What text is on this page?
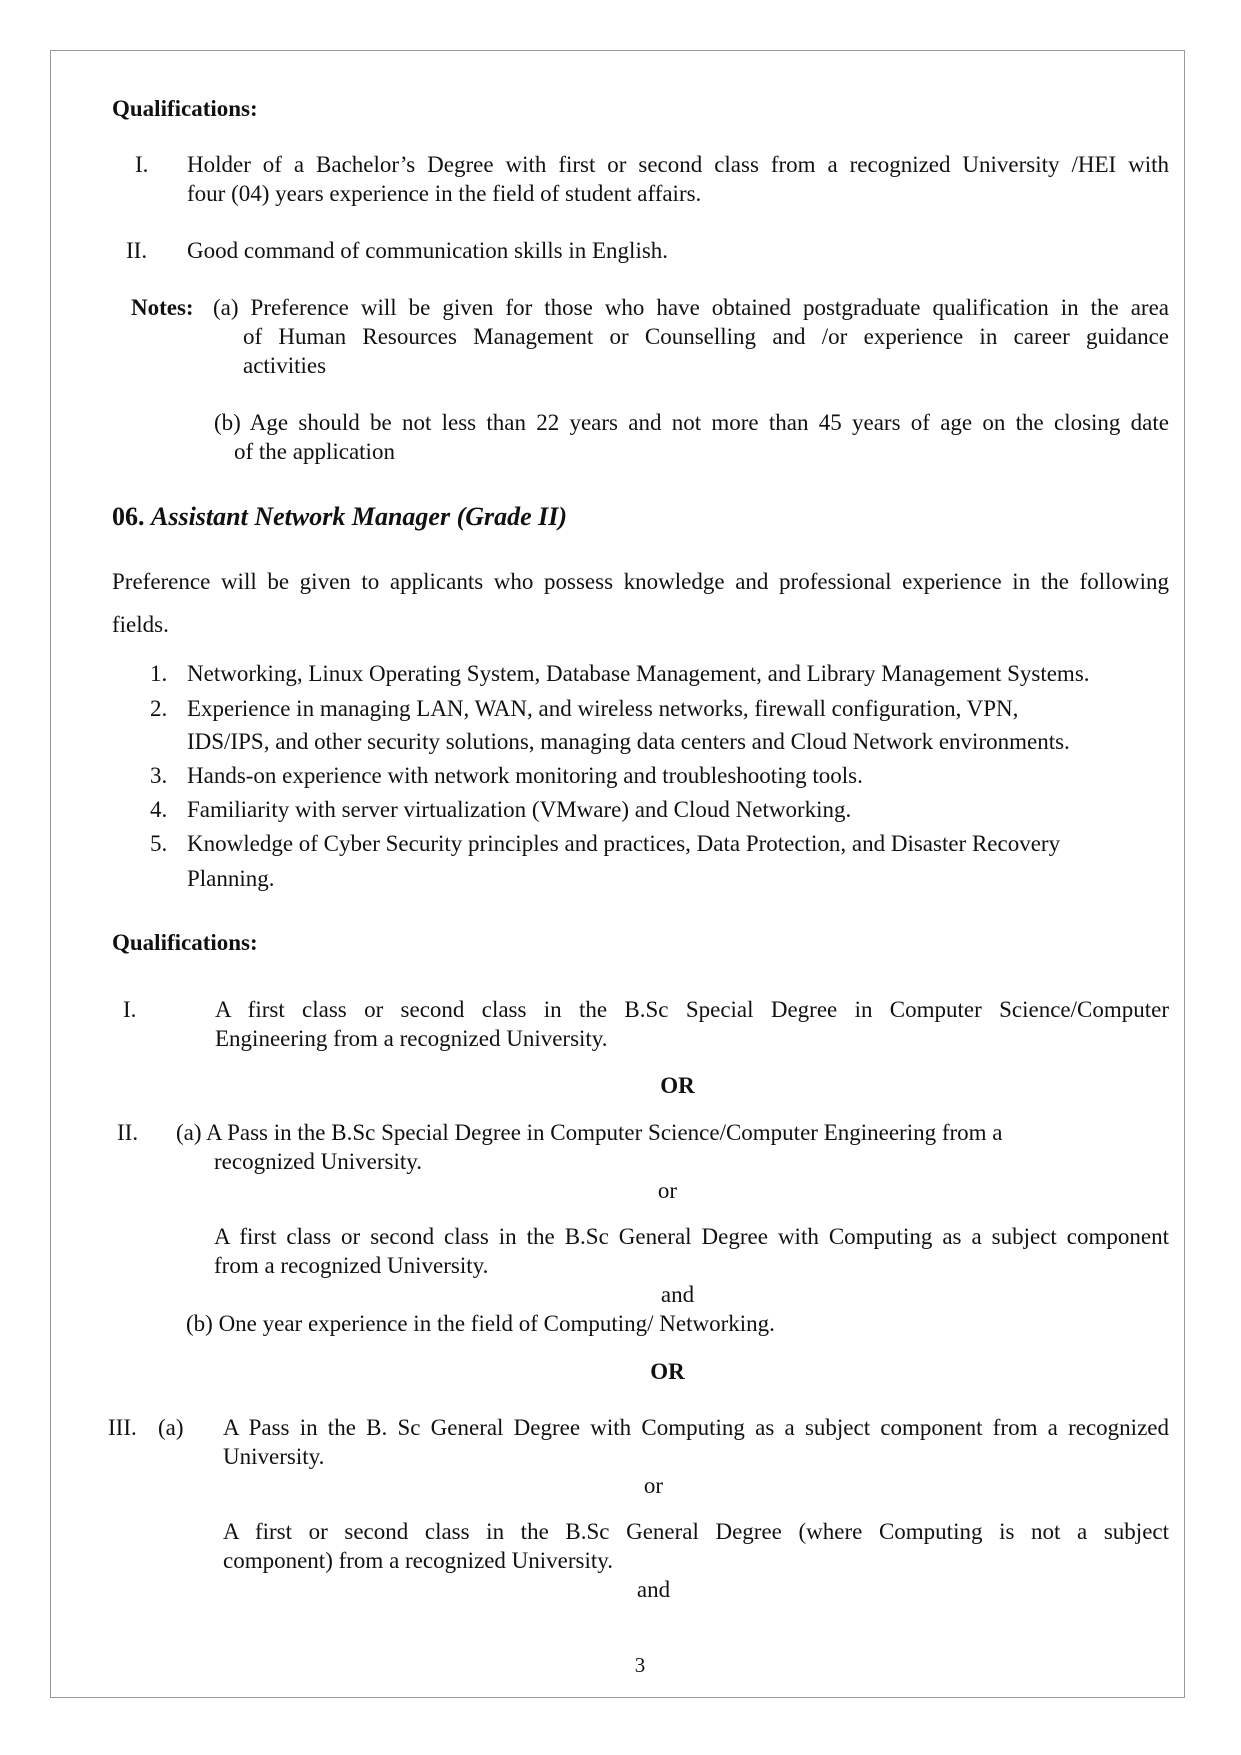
Qualifications:
I. Holder of a Bachelor’s Degree with first or second class from a recognized University /HEI with
four (04) years experience in the field of student affairs.
II. Good command of communication skills in English.
Notes: (a) Preference will be given for those who have obtained postgraduate qualification in the area
of Human Resources Management or Counselling and /or experience in career guidance
activities
(b) Age should be not less than 22 years and not more than 45 years of age on the closing date
of the application
06. Assistant Network Manager (Grade II)
Preference will be given to applicants who possess knowledge and professional experience in the following
fields.
1. Networking, Linux Operating System, Database Management, and Library Management Systems.
2. Experience in managing LAN, WAN, and wireless networks, firewall configuration, VPN,
IDS/IPS, and other security solutions, managing data centers and Cloud Network environments.
3. Hands-on experience with network monitoring and troubleshooting tools.
4. Familiarity with server virtualization (VMware) and Cloud Networking.
5. Knowledge of Cyber Security principles and practices, Data Protection, and Disaster Recovery
Planning.
Qualifications:
I.	A first class or second class in the B.Sc Special Degree in Computer Science/Computer
Engineering from a recognized University.
OR
II. (a) A Pass in the B.Sc Special Degree in Computer Science/Computer Engineering from a
recognized University.
or
A first class or second class in the B.Sc General Degree with Computing as a subject component
from a recognized University.
and
(b) One year experience in the field of Computing/ Networking.
OR
III. (a) A Pass in the B. Sc General Degree with Computing as a subject component from a recognized
University.
or
A first or second class in the B.Sc General Degree (where Computing is not a subject
component) from a recognized University.
and
3
